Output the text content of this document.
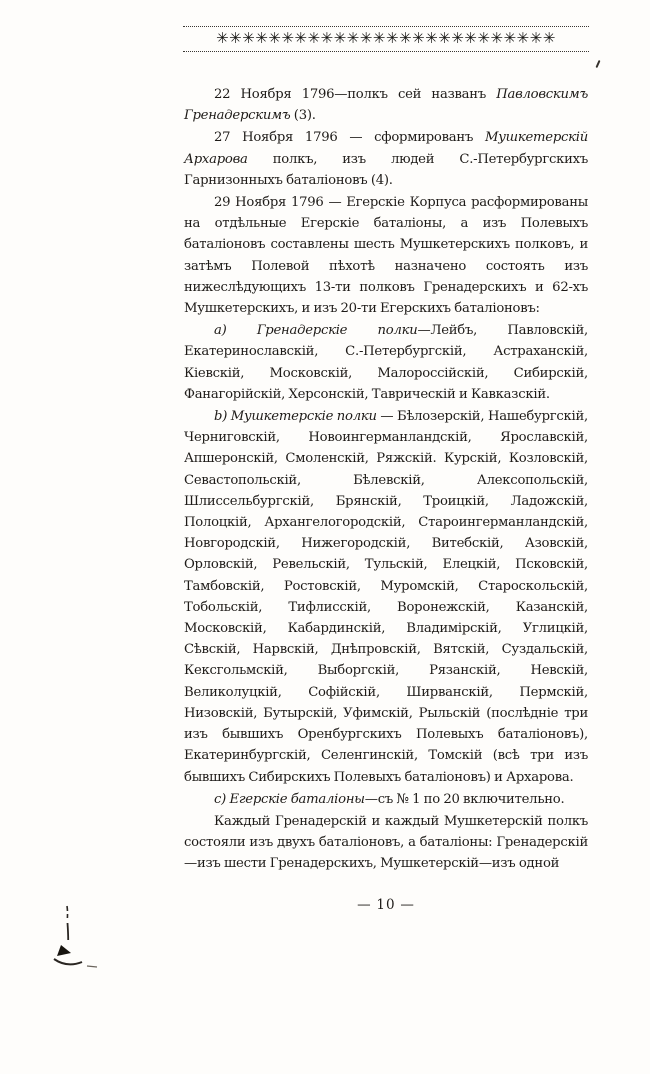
✳✳✳✳✳✳✳✳✳✳✳✳✳✳✳✳✳✳✳✳✳✳✳✳✳✳

22 Ноября 1796—полкъ сей названъ Павловскимъ Гренадерскимъ (3).

27 Ноября 1796 — сформированъ Мушкетерскій Архарова полкъ, изъ людей С.-Петербургскихъ Гарнизонныхъ баталіоновъ (4).

29 Ноября 1796 — Егерскіе Корпуса расформированы на отдѣльные Егерскіе баталіоны, а изъ Полевыхъ баталіоновъ составлены шесть Мушкетерскихъ полковъ, и затѣмъ Полевой пѣхотѣ назначено состоять изъ нижеслѣдующихъ 13-ти полковъ Гренадерскихъ и 62-хъ Мушкетерскихъ, и изъ 20-ти Егерскихъ баталіоновъ:

а) Гренадерскіе полки—Лейбъ, Павловскій, Екатеринославскій, С.-Петербургскій, Астраханскій, Кіевскій, Московскій, Малороссійскій, Сибирскій, Фанагорійскій, Херсонскій, Таврическій и Кавказскій.

b) Мушкетерскіе полки — Бѣлозерскій, Нашебургскій, Черниговскій, Новоингерманландскій, Ярославскій, Апшеронскій, Смоленскій, Ряжскій. Курскій, Козловскій, Севастопольскій, Бѣлевскій, Алексопольскій, Шлиссельбургскій, Брянскій, Троицкій, Ладожскій, Полоцкій, Архангелогородскій, Староингерманландскій, Новгородскій, Нижегородскій, Витебскій, Азовскій, Орловскій, Ревельскій, Тульскій, Елецкій, Псковскій, Тамбовскій, Ростовскій, Муромскій, Староскольскій, Тобольскій, Тифлисскій, Воронежскій, Казанскій, Московскій, Кабардинскій, Владимірскій, Углицкій, Сѣвскій, Нарвскій, Днѣпровскій, Вятскій, Суздальскій, Кексгольмскій, Выборгскій, Рязанскій, Невскій, Великолуцкій, Софійскій, Ширванскій, Пермскій, Низовскій, Бутырскій, Уфимскій, Рыльскій (послѣдніе три изъ бывшихъ Оренбургскихъ Полевыхъ баталіоновъ), Екатеринбургскій, Селенгинскій, Томскій (всѣ три изъ бывшихъ Сибирскихъ Полевыхъ баталіоновъ) и Архарова.

с) Егерскіе баталіоны—съ № 1 по 20 включительно.

Каждый Гренадерскій и каждый Мушкетерскій полкъ состояли изъ двухъ баталіоновъ, а баталіоны: Гренадерскій—изъ шести Гренадерскихъ, Мушкетерскій—изъ одной

— 10 —
